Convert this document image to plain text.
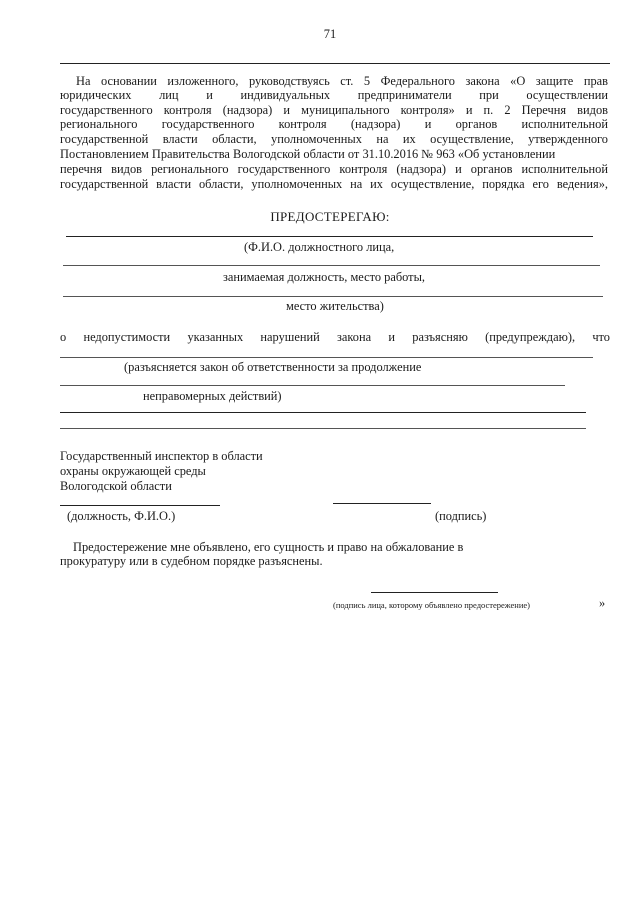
71
На основании изложенного, руководствуясь ст. 5 Федерального закона «О защите прав
юридических лиц и индивидуальных предприниматели при осуществлении
государственного контроля (надзора) и муниципального контроля» и п. 2 Перечня видов
регионального государственного контроля (надзора) и органов исполнительной
государственной власти области, уполномоченных на их осуществление, утвержденного
Постановлением Правительства Вологодской области от 31.10.2016 № 963 «Об установлении
перечня видов регионального государственного контроля (надзора) и органов исполнительной
государственной власти области, уполномоченных на их осуществление, порядка его ведения»,
ПРЕДОСТЕРЕГАЮ:
(Ф.И.О. должностного лица,
занимаемая должность, место работы,
место жительства)
о недопустимости указанных нарушений закона и разъясняю (предупреждаю), что
(разъясняется закон об ответственности за продолжение
неправомерных действий)
Государственный инспектор в области
охраны окружающей среды
Вологодской области
(должность, Ф.И.О.)	(подпись)
Предостережение мне объявлено, его сущность и право на обжалование в
прокуратуру или в судебном порядке разъяснены.
(подпись лица, которому объявлено предостережение)	»
